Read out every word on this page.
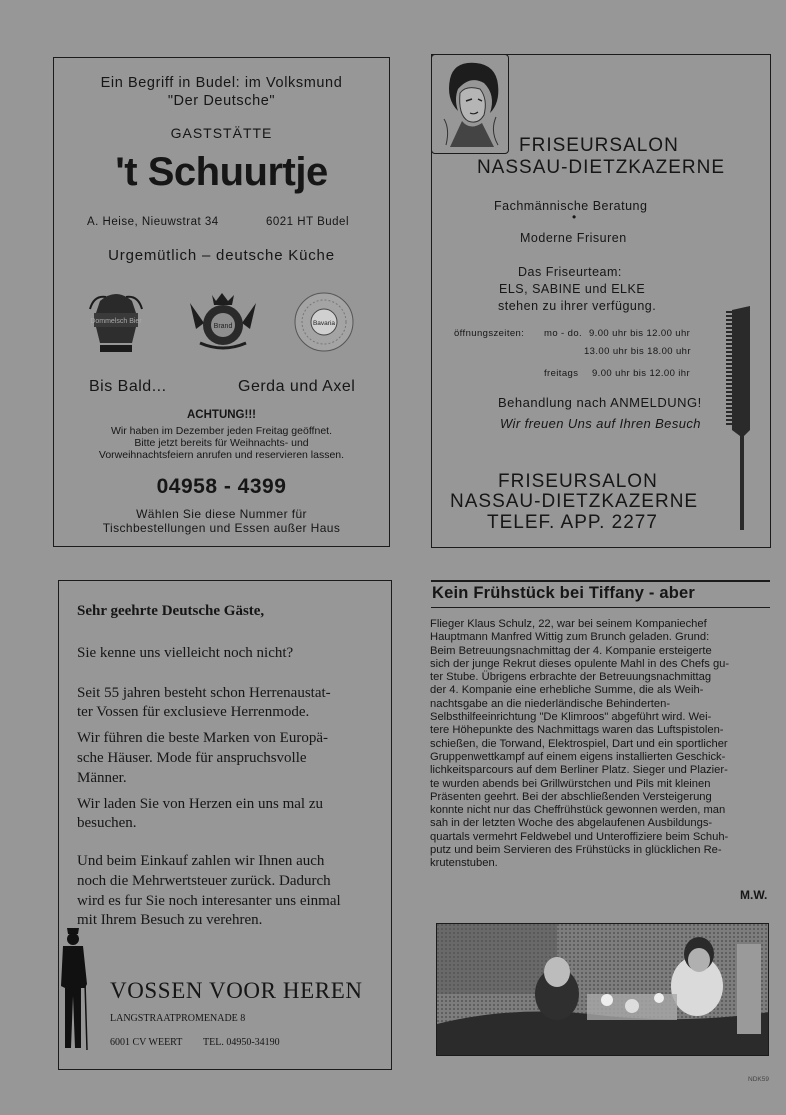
Ein Begriff in Budel: im Volksmund
"Der Deutsche"
GASTSTÄTTE
't Schuurtje
A. Heise, Nieuwstrat 34	6021 HT Budel
Urgemütlich – deutsche Küche
Dommelsch Bier
Brand	Bavaria
Bis Bald...	Gerda und Axel
ACHTUNG!!!
Wir haben im Dezember jeden Freitag geöffnet.
Bitte jetzt bereits für Weihnachts- und
Vorweihnachtsfeiern anrufen und reservieren lassen.
04958 - 4399
Wählen Sie diese Nummer für
Tischbestellungen und Essen außer Haus
FRISEURSALON
NASSAU-DIETZKAZERNE
Fachmännische Beratung
•
Moderne Frisuren
Das Friseurteam:
ELS, SABINE und ELKE
stehen zu ihrer verfügung.
öffnungszeiten: mo - do. 9.00 uhr bis 12.00 uhr
13.00 uhr bis 18.00 uhr
freitags 9.00 uhr bis 12.00 ihr
Behandlung nach ANMELDUNG!
Wir freuen Uns auf Ihren Besuch
FRISEURSALON
NASSAU-DIETZKAZERNE
TELEF. APP. 2277
Sehr geehrte Deutsche Gäste,
Sie kenne uns vielleicht noch nicht?
Seit 55 jahren besteht schon Herrenaustat-
ter Vossen für exclusieve Herrenmode.
Wir führen die beste Marken von Europä-
sche Häuser. Mode für anspruchsvolle
Männer.
Wir laden Sie von Herzen ein uns mal zu
besuchen.
Und beim Einkauf zahlen wir Ihnen auch
noch die Mehrwertsteuer zurück. Dadurch
wird es fur Sie noch interesanter uns einmal
mit Ihrem Besuch zu verehren.
VOSSEN VOOR HEREN
LANGSTRAATPROMENADE 8
6001 CV WEERT TEL. 04950-34190
Kein Frühstück bei Tiffany - aber
Flieger Klaus Schulz, 22, war bei seinem Kompaniechef
Hauptmann Manfred Wittig zum Brunch geladen. Grund:
Beim Betreuungsnachmittag der 4. Kompanie ersteigerte
sich der junge Rekrut dieses opulente Mahl in des Chefs gu-
ter Stube. Übrigens erbrachte der Betreuungsnachmittag
der 4. Kompanie eine erhebliche Summe, die als Weih-
nachtsgabe an die niederländische Behinderten-
Selbsthilfeeinrichtung "De Klimroos" abgeführt wird. Wei-
tere Höhepunkte des Nachmittags waren das Luftspistolen-
schießen, die Torwand, Elektrospiel, Dart und ein sportlicher
Gruppenwettkampf auf einem eigens installierten Geschick-
lichkeitsparcours auf dem Berliner Platz. Sieger und Plazier-
te wurden abends bei Grillwürstchen und Pils mit kleinen
Präsenten geehrt. Bei der abschließenden Versteigerung
konnte nicht nur das Cheffrühstück gewonnen werden, man
sah in der letzten Woche des abgelaufenen Ausbildungs-
quartals vermehrt Feldwebel und Unteroffiziere beim Schuh-
putz und beim Servieren des Frühstücks in glücklichen Re-
krutenstuben.
M.W.
NDK59
